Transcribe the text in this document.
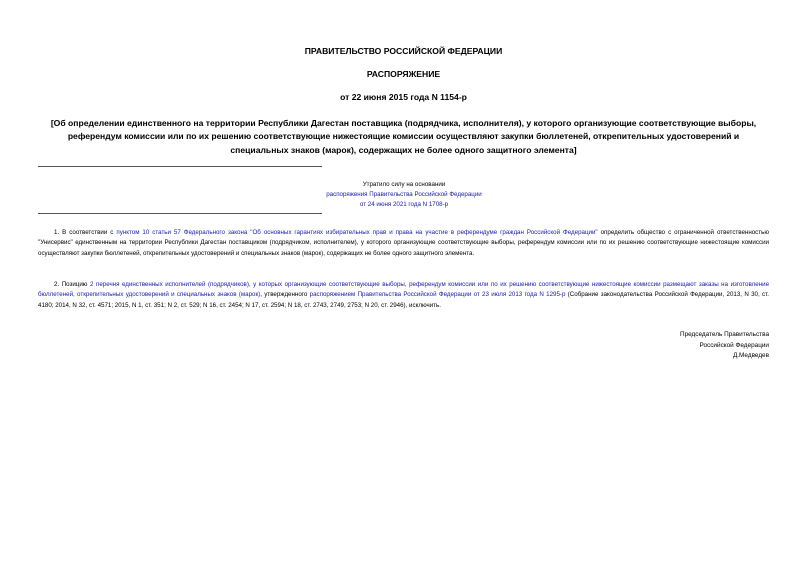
ПРАВИТЕЛЬСТВО РОССИЙСКОЙ ФЕДЕРАЦИИ
РАСПОРЯЖЕНИЕ
от 22 июня 2015 года N 1154-р
[Об определении единственного на территории Республики Дагестан поставщика (подрядчика, исполнителя), у которого организующие соответствующие выборы, референдум комиссии или по их решению соответствующие нижестоящие комиссии осуществляют закупки бюллетеней, открепительных удостоверений и специальных знаков (марок), содержащих не более одного защитного элемента]
Утратило силу на основании
распоряжения Правительства Российской Федерации
от 24 июня 2021 года N 1708-р
1. В соответствии с пунктом 10 статьи 57 Федерального закона "Об основных гарантиях избирательных прав и права на участие в референдуме граждан Российской Федерации" определить общество с ограниченной ответственностью "Унисервис" единственным на территории Республики Дагестан поставщиком (подрядчиком, исполнителем), у которого организующие соответствующие выборы, референдум комиссии или по их решению соответствующие нижестоящие комиссии осуществляют закупки бюллетеней, открепительных удостоверений и специальных знаков (марок), содержащих не более одного защитного элемента.
2. Позицию 2 перечня единственных исполнителей (подрядчиков), у которых организующие соответствующие выборы, референдум комиссии или по их решению соответствующие нижестоящие комиссии размещают заказы на изготовление бюллетеней, открепительных удостоверений и специальных знаков (марок), утвержденного распоряжением Правительства Российской Федерации от 23 июля 2013 года N 1295-р (Собрание законодательства Российской Федерации, 2013, N 30, ст. 4180; 2014, N 32, ст. 4571; 2015, N 1, ст. 351; N 2, ст. 529; N 16, ст. 2454; N 17, ст. 2594; N 18, ст. 2743, 2749, 2753; N 20, ст. 2946), исключить.
Председатель Правительства
Российской Федерации
Д.Медведев
